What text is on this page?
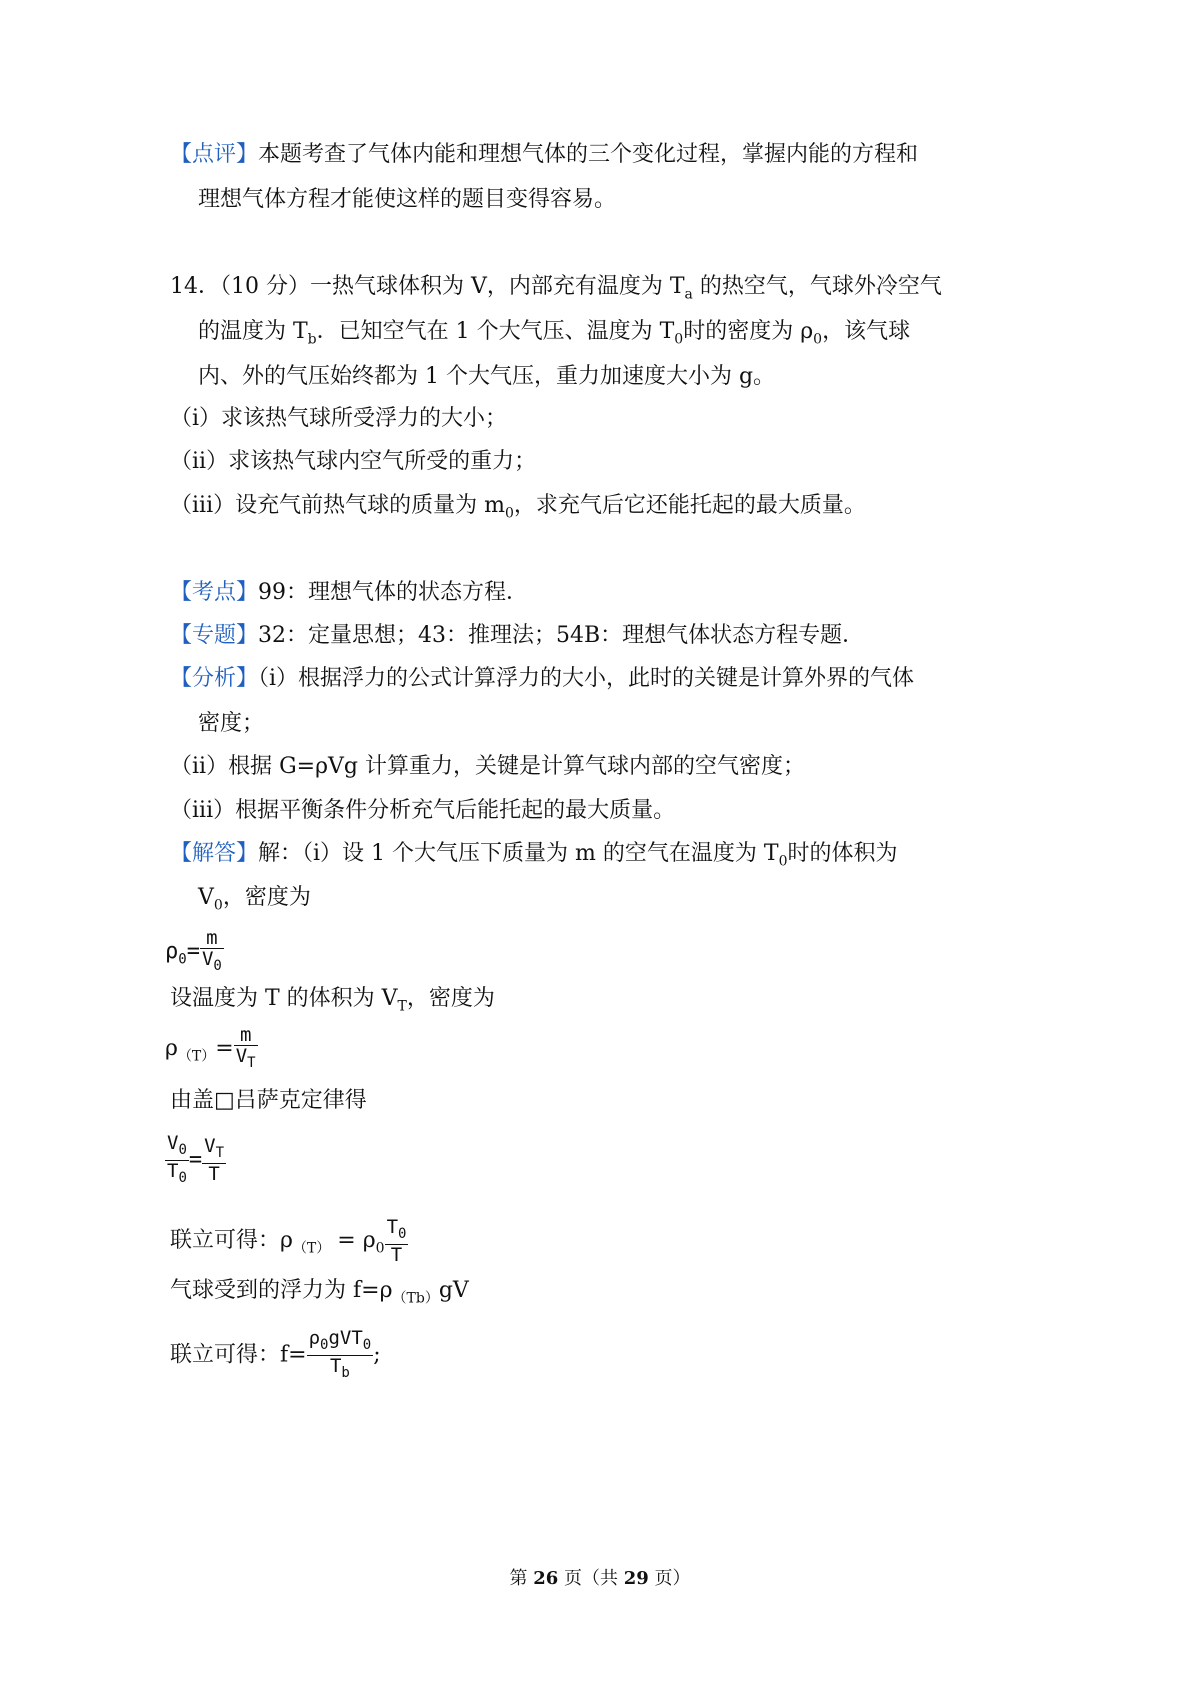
【点评】本题考查了气体内能和理想气体的三个变化过程，掌握内能的方程和
理想气体方程才能使这样的题目变得容易。
14．（10 分）一热气球体积为 V，内部充有温度为 $T_a$ 的热空气，气球外冷空气
的温度为 $T_b$．已知空气在 1 个大气压、温度为 $T_0$时的密度为 $\rho_0$，该气球
内、外的气压始终都为 1 个大气压，重力加速度大小为 g。
（i）求该热气球所受浮力的大小；
（ii）求该热气球内空气所受的重力；
（iii）设充气前热气球的质量为 $m_0$，求充气后它还能托起的最大质量。
【考点】99：理想气体的状态方程．
【专题】32：定量思想；43：推理法；54B：理想气体状态方程专题．
【分析】（i）根据浮力的公式计算浮力的大小，此时的关键是计算外界的气体
密度；
（ii）根据 G=ρVg 计算重力，关键是计算气球内部的空气密度；
（iii）根据平衡条件分析充气后能托起的最大质量。
【解答】解：（i）设 1 个大气压下质量为 m 的空气在温度为 $T_0$时的体积为
$V_0$，密度为
$\rho_0= \frac{m}{V_0}$
设温度为 T 的体积为 $V_T$，密度为
$\rho_{(T)}= \frac{m}{V_T}$
由盖□吕萨克定律得
$\frac{V_0}{T_0} = \frac{V_T}{T}$
联立可得：$\rho_{(T)} = \rho_0 \frac{T_0}{T}$
气球受到的浮力为 $f=\rho_{(Tb)}gV$
联立可得：$f= \frac{\rho_0gVT_0}{T_b}$ ;
第 26 页（共 29 页）
